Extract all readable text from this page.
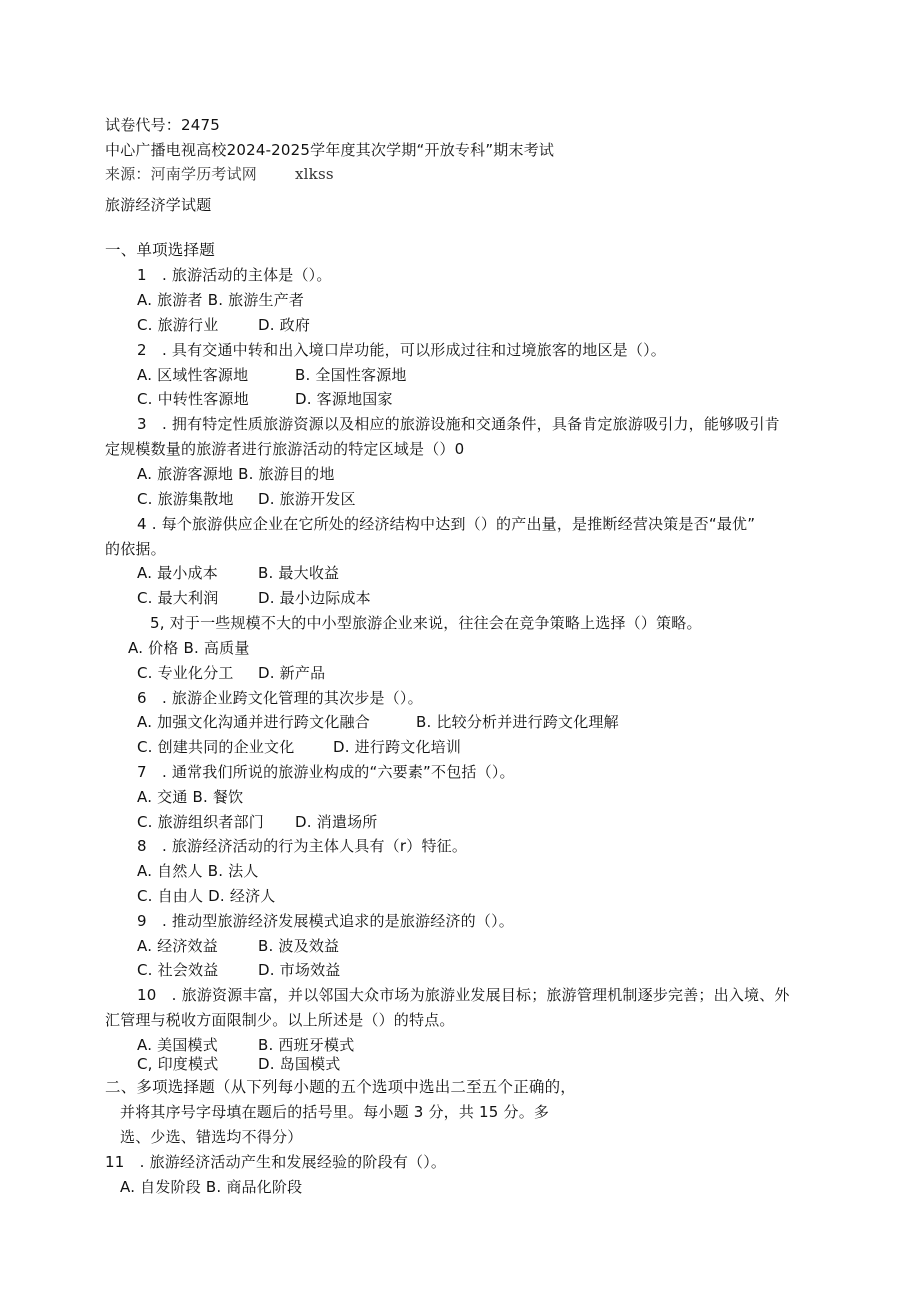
试卷代号：2475
中心广播电视高校2024-2025学年度其次学期“开放专科”期末考试
来源：河南学历考试网	xlkss
旅游经济学试题
一、单项选择题
1　. 旅游活动的主体是（）。
A. 旅游者 B. 旅游生产者
C. 旅游行业	D. 政府
2　. 具有交通中转和出入境口岸功能，可以形成过往和过境旅客的地区是（）。
A. 区域性客源地	B. 全国性客源地
C. 中转性客源地	D. 客源地国家
3　. 拥有特定性质旅游资源以及相应的旅游设施和交通条件，具备肯定旅游吸引力，能够吸引肯
定规模数量的旅游者进行旅游活动的特定区域是（）0
A. 旅游客源地 B. 旅游目的地
C. 旅游集散地 D. 旅游开发区
4 . 每个旅游供应企业在它所处的经济结构中达到（）的产出量，是推断经营决策是否“最优”
的依据。
A. 最小成本	B. 最大收益
C. 最大利润	D. 最小边际成本
5, 对于一些规模不大的中小型旅游企业来说，往往会在竞争策略上选择（）策略。
A. 价格 B. 高质量
C. 专业化分工 D. 新产品
6　. 旅游企业跨文化管理的其次步是（）。
A. 加强文化沟通并进行跨文化融合	B. 比较分析并进行跨文化理解
C. 创建共同的企业文化	D. 进行跨文化培训
7　. 通常我们所说的旅游业构成的“六要素”不包括（）。
A. 交通 B. 餐饮
C. 旅游组织者部门 D. 消遣场所
8　. 旅游经济活动的行为主体人具有（r）特征。
A. 自然人 B. 法人
C. 自由人 D. 经济人
9　. 推动型旅游经济发展模式追求的是旅游经济的（）。
A. 经济效益	B. 波及效益
C. 社会效益	D. 市场效益
10　. 旅游资源丰富，并以邻国大众市场为旅游业发展目标；旅游管理机制逐步完善；出入境、外
汇管理与税收方面限制少。以上所述是（）的特点。
A. 美国模式	B. 西班牙模式
C, 印度模式	D. 岛国模式
二、多项选择题（从下列每小题的五个选项中选出二至五个正确的，
并将其序号字母填在题后的括号里。每小题 3 分，共 15 分。多
选、少选、错选均不得分）
11　. 旅游经济活动产生和发展经验的阶段有（）。
A. 自发阶段 B. 商品化阶段
